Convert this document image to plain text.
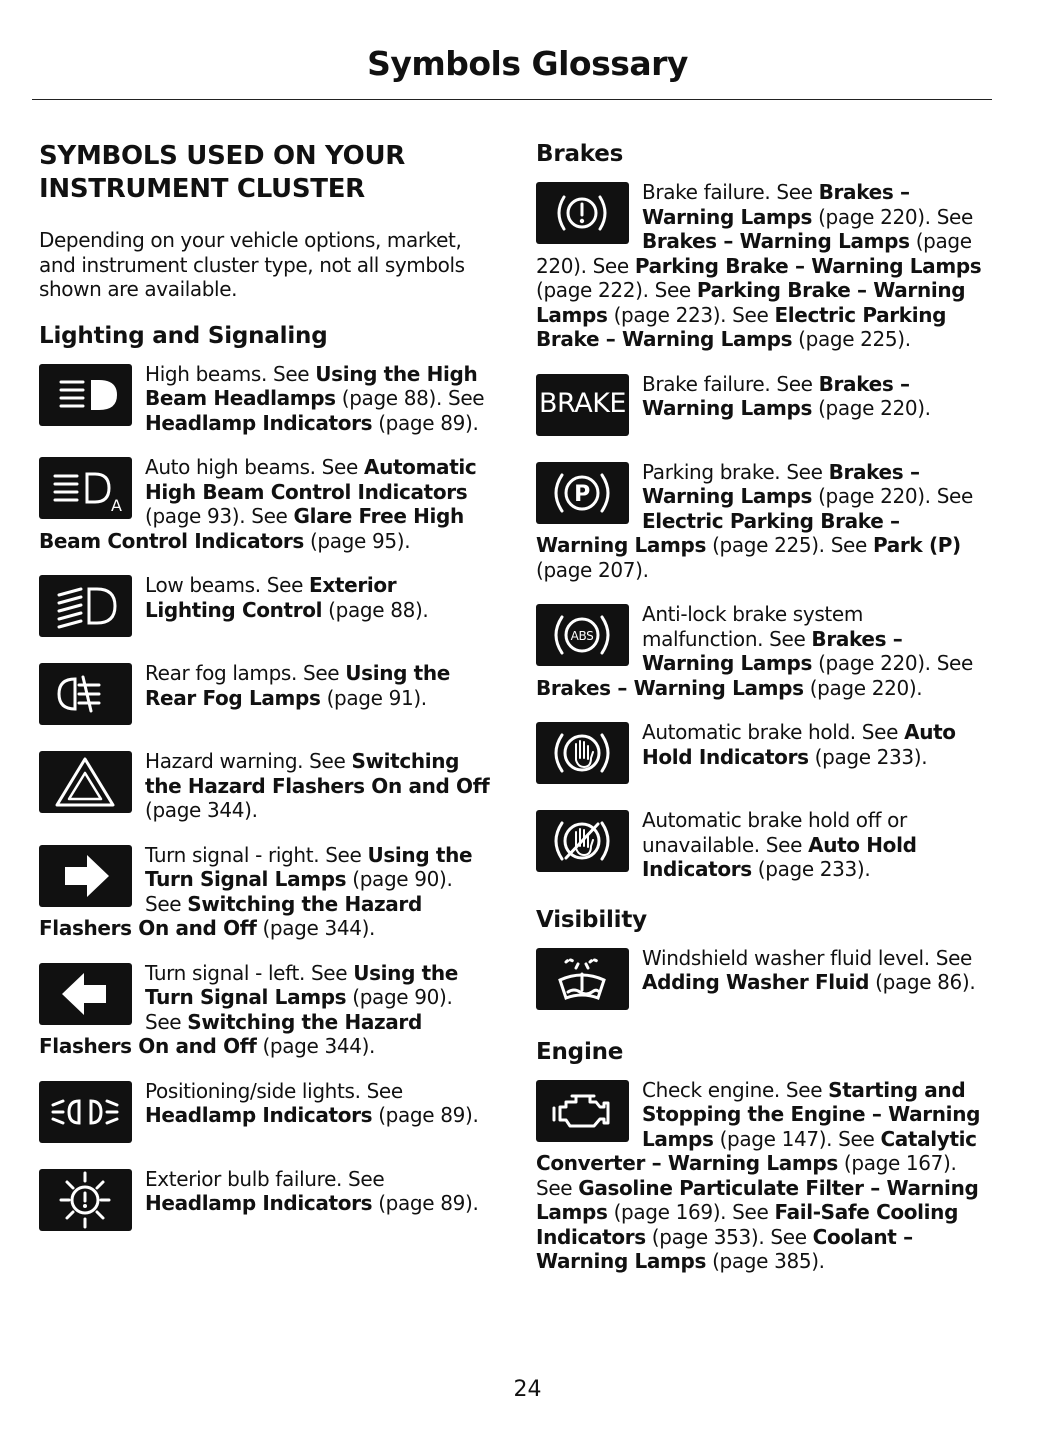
Symbols Glossary
SYMBOLS USED ON YOUR INSTRUMENT CLUSTER

Depending on your vehicle options, market, and instrument cluster type, not all symbols shown are available.

Lighting and Signaling
High beams. See Using the High Beam Headlamps (page 88). See Headlamp Indicators (page 89).
A
Auto high beams. See Automatic High Beam Control Indicators (page 93). See Glare Free High Beam Control Indicators (page 95).
Low beams. See Exterior Lighting Control (page 88).
Rear fog lamps. See Using the Rear Fog Lamps (page 91).
Hazard warning. See Switching the Hazard Flashers On and Off (page 344).
Turn signal - right. See Using the Turn Signal Lamps (page 90). See Switching the Hazard Flashers On and Off (page 344).
Turn signal - left. See Using the Turn Signal Lamps (page 90). See Switching the Hazard Flashers On and Off (page 344).
Positioning/side lights. See Headlamp Indicators (page 89).
Exterior bulb failure. See Headlamp Indicators (page 89).
Brakes
Brake failure. See Brakes – Warning Lamps (page 220). See Brakes – Warning Lamps (page 220). See Parking Brake – Warning Lamps (page 222). See Parking Brake – Warning Lamps (page 223). See Electric Parking Brake – Warning Lamps (page 225).
BRAKE
Brake failure. See Brakes – Warning Lamps (page 220).
P
Parking brake. See Brakes – Warning Lamps (page 220). See Electric Parking Brake – Warning Lamps (page 225). See Park (P) (page 207).
ABS
Anti-lock brake system malfunction. See Brakes – Warning Lamps (page 220). See Brakes – Warning Lamps (page 220).
Automatic brake hold. See Auto Hold Indicators (page 233).
Automatic brake hold off or unavailable. See Auto Hold Indicators (page 233).
Visibility
Windshield washer fluid level. See Adding Washer Fluid (page 86).
Engine
Check engine. See Starting and Stopping the Engine – Warning Lamps (page 147). See Catalytic Converter – Warning Lamps (page 167). See Gasoline Particulate Filter – Warning Lamps (page 169). See Fail-Safe Cooling Indicators (page 353). See Coolant – Warning Lamps (page 385).
24
